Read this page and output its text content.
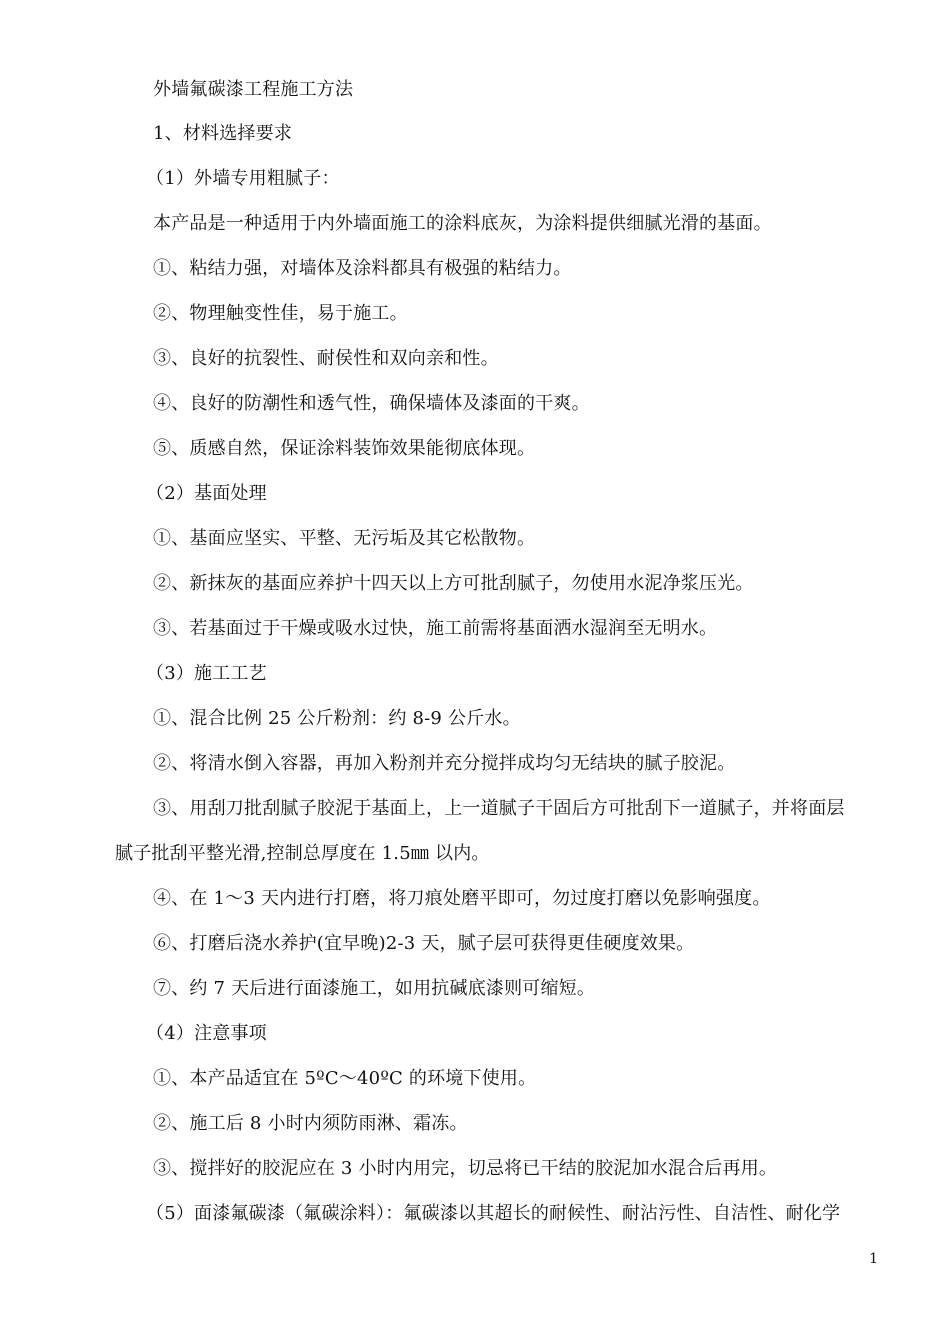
外墙氟碳漆工程施工方法
1、材料选择要求
（1）外墙专用粗腻子：
本产品是一种适用于内外墙面施工的涂料底灰，为涂料提供细腻光滑的基面。
①、粘结力强，对墙体及涂料都具有极强的粘结力。
②、物理触变性佳，易于施工。
③、良好的抗裂性、耐侯性和双向亲和性。
④、良好的防潮性和透气性，确保墙体及漆面的干爽。
⑤、质感自然，保证涂料装饰效果能彻底体现。
（2）基面处理
①、基面应坚实、平整、无污垢及其它松散物。
②、新抹灰的基面应养护十四天以上方可批刮腻子，勿使用水泥净浆压光。
③、若基面过于干燥或吸水过快，施工前需将基面洒水湿润至无明水。
（3）施工工艺
①、混合比例 25 公斤粉剂：约 8-9 公斤水。
②、将清水倒入容器，再加入粉剂并充分搅拌成均匀无结块的腻子胶泥。
③、用刮刀批刮腻子胶泥于基面上，上一道腻子干固后方可批刮下一道腻子，并将面层
腻子批刮平整光滑,控制总厚度在 1.5㎜ 以内。
④、在 1～3 天内进行打磨，将刀痕处磨平即可，勿过度打磨以免影响强度。
⑥、打磨后浇水养护(宜早晚)2-3 天，腻子层可获得更佳硬度效果。
⑦、约 7 天后进行面漆施工，如用抗碱底漆则可缩短。
（4）注意事项
①、本产品适宜在 5ºC～40ºC 的环境下使用。
②、施工后 8 小时内须防雨淋、霜冻。
③、搅拌好的胶泥应在 3 小时内用完，切忌将已干结的胶泥加水混合后再用。
（5）面漆氟碳漆（氟碳涂料）：氟碳漆以其超长的耐候性、耐沾污性、自洁性、耐化学
1
